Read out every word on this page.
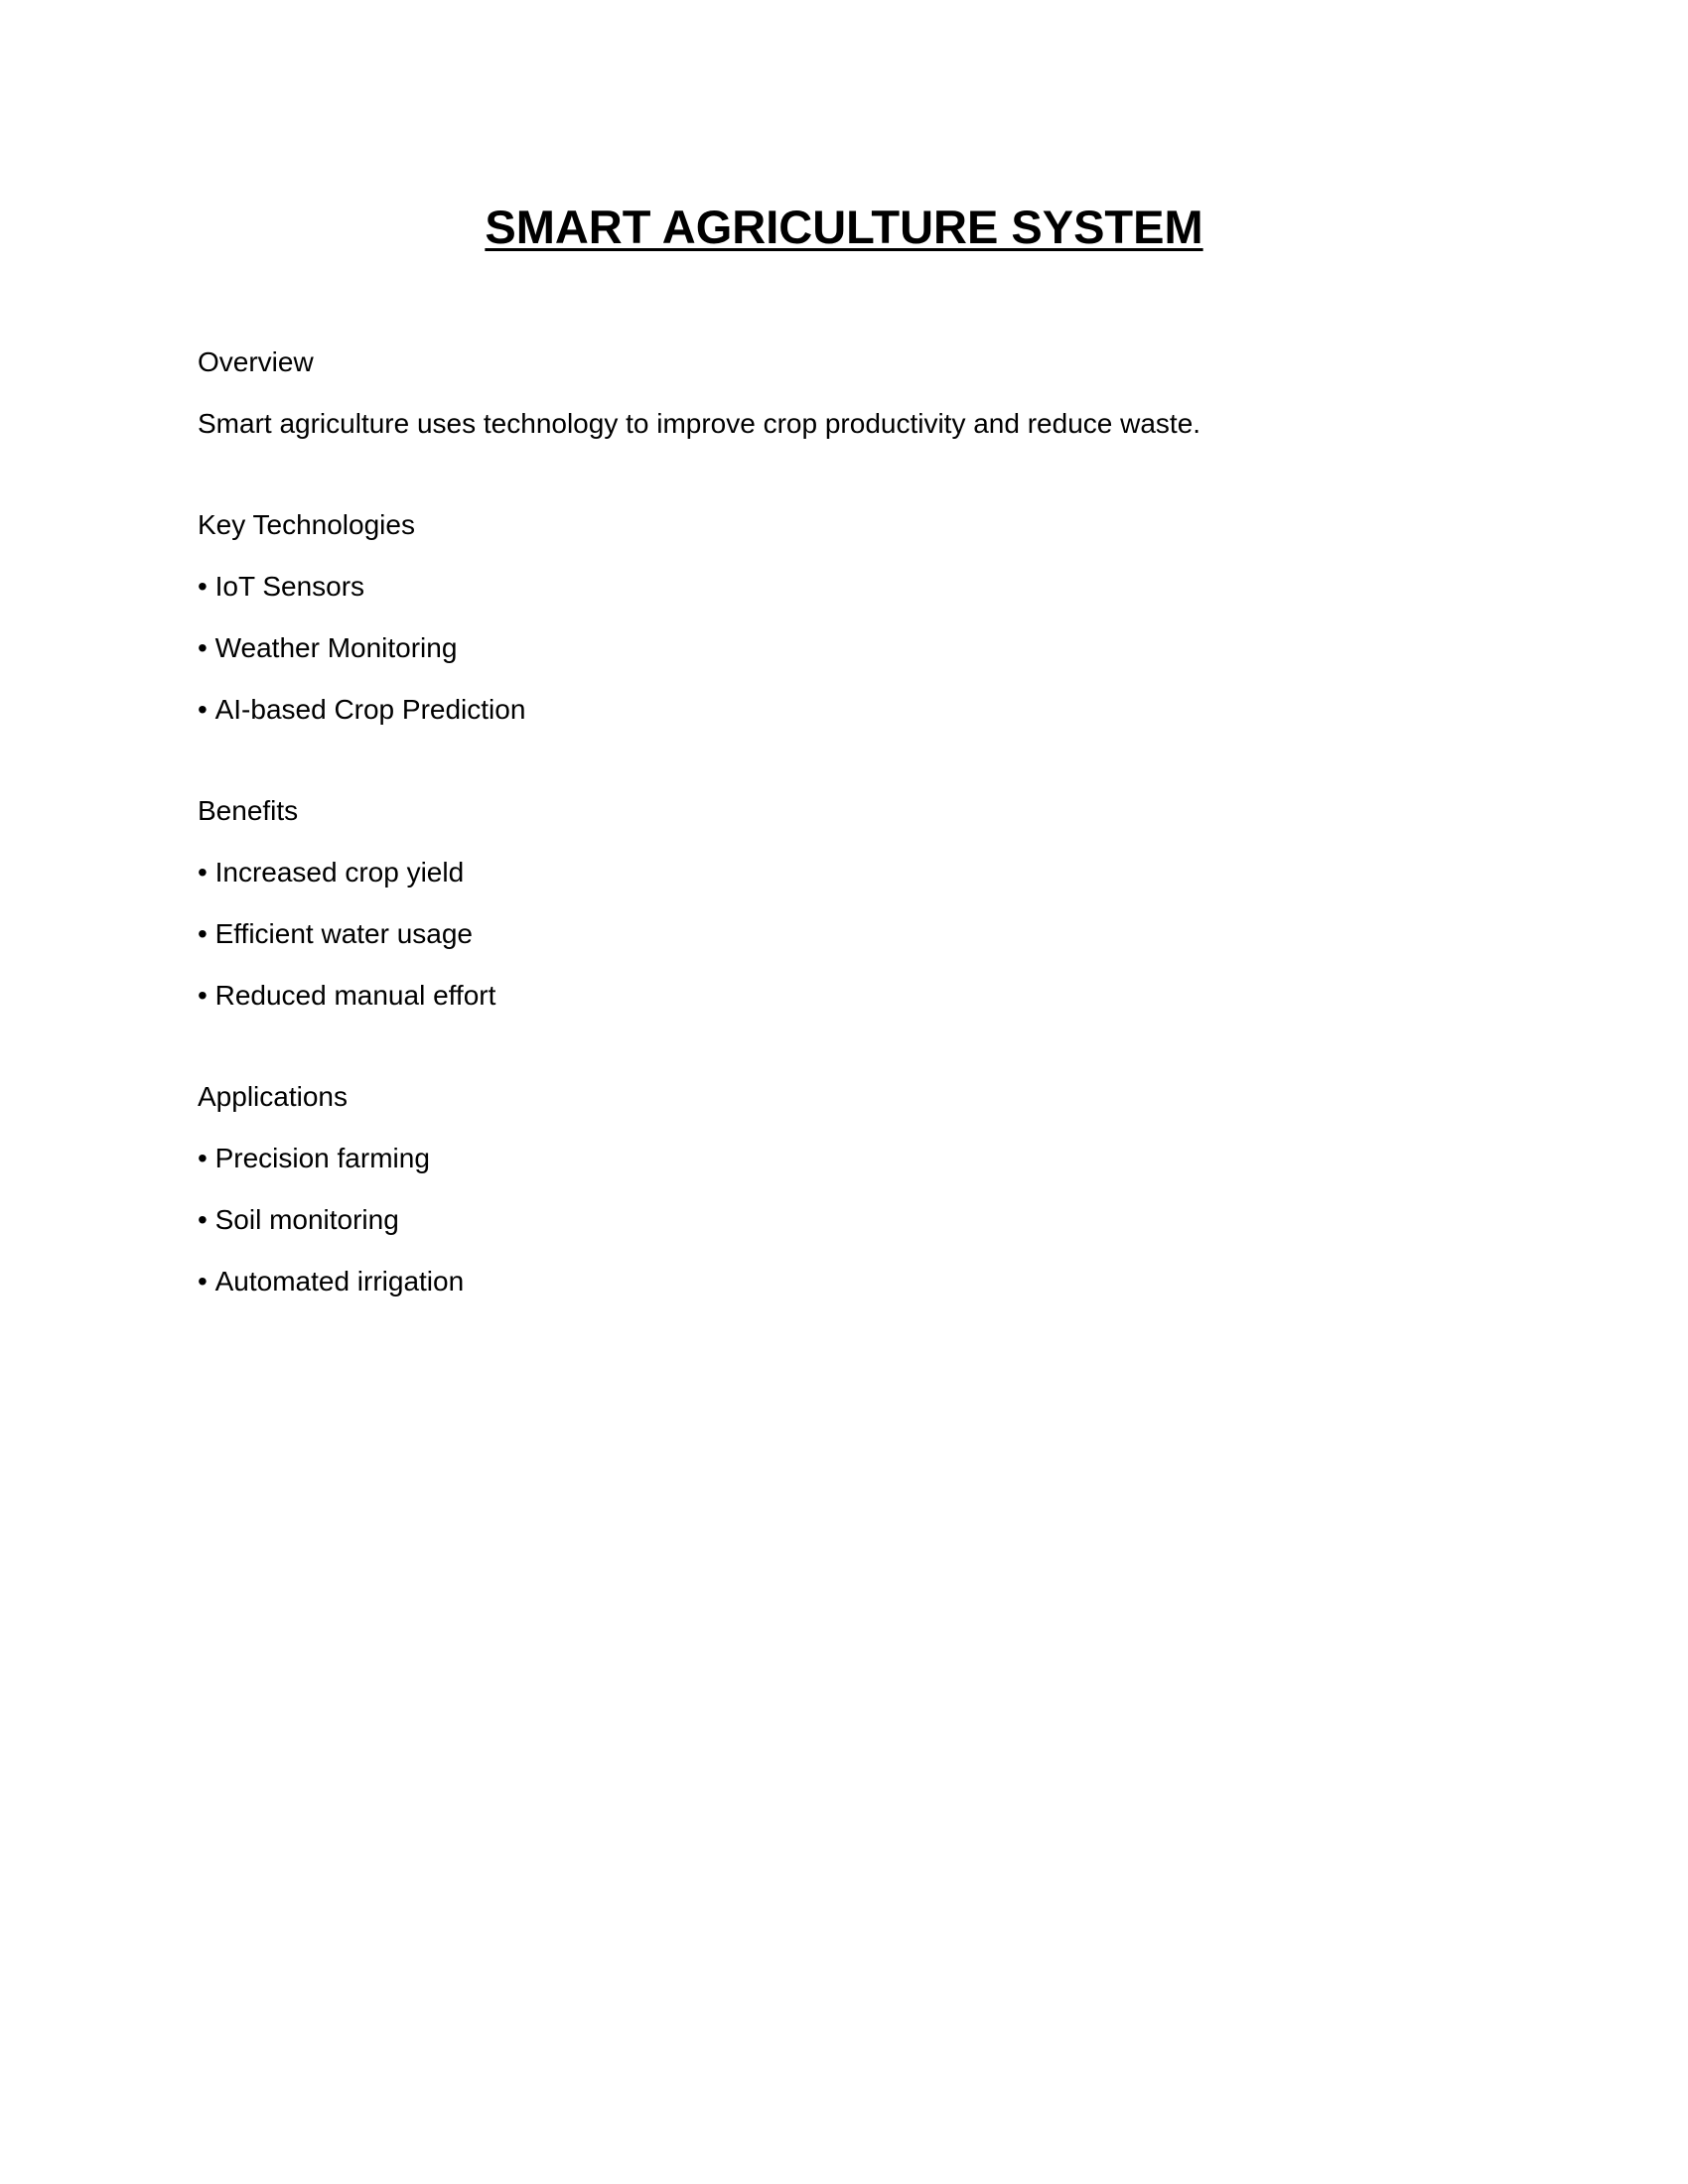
SMART AGRICULTURE SYSTEM
Overview
Smart agriculture uses technology to improve crop productivity and reduce waste.
Key Technologies
• IoT Sensors
• Weather Monitoring
• AI-based Crop Prediction
Benefits
• Increased crop yield
• Efficient water usage
• Reduced manual effort
Applications
• Precision farming
• Soil monitoring
• Automated irrigation
